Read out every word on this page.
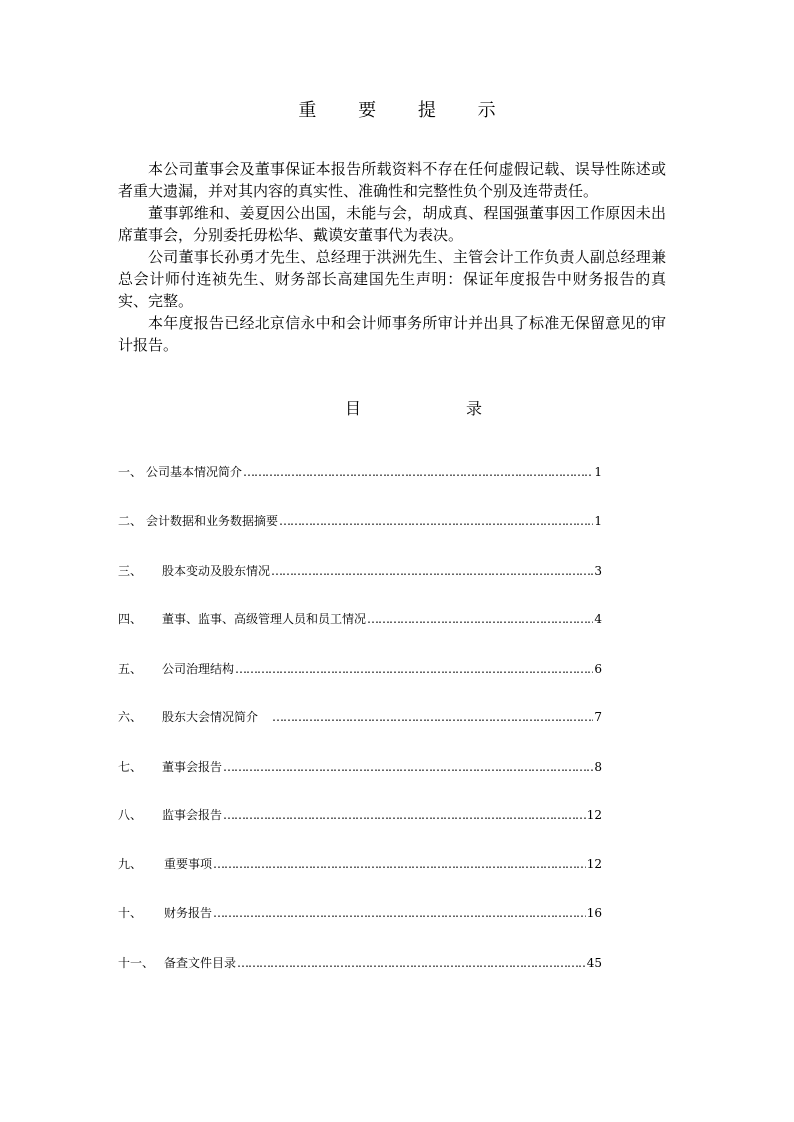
重 要 提 示

本公司董事会及董事保证本报告所载资料不存在任何虚假记载、误导性陈述或者重大遗漏，并对其内容的真实性、准确性和完整性负个别及连带责任。

董事郭维和、姜夏因公出国，未能与会，胡成真、程国强董事因工作原因未出席董事会，分别委托毋松华、戴谟安董事代为表决。

公司董事长孙勇才先生、总经理于洪洲先生、主管会计工作负责人副总经理兼总会计师付连祯先生、财务部长高建国先生声明：保证年度报告中财务报告的真实、完整。

本年度报告已经北京信永中和会计师事务所审计并出具了标准无保留意见的审计报告。

目	录
一、 公司基本情况简介 ……………………………………………………………………………………………………………………………………………………	1
二、 会计数据和业务数据摘要 ……………………………………………………………………………………………………………………………………………………	1
三、	股本变动及股东情况 ……………………………………………………………………………………………………………………………………………………	3
四、	董事、监事、高级管理人员和员工情况 ……………………………………………………………………………………………………………………………………………………	4
五、	公司治理结构 ……………………………………………………………………………………………………………………………………………………	6
六、	股东大会情况简介 ……………………………………………………………………………………………………………………………………………………	7
七、	董事会报告 ……………………………………………………………………………………………………………………………………………………	8
八、	监事会报告 ……………………………………………………………………………………………………………………………………………………	12
九、	重要事项 ……………………………………………………………………………………………………………………………………………………	12
十、	财务报告 ……………………………………………………………………………………………………………………………………………………	16
十一、 备查文件目录 ……………………………………………………………………………………………………………………………………………………	45
